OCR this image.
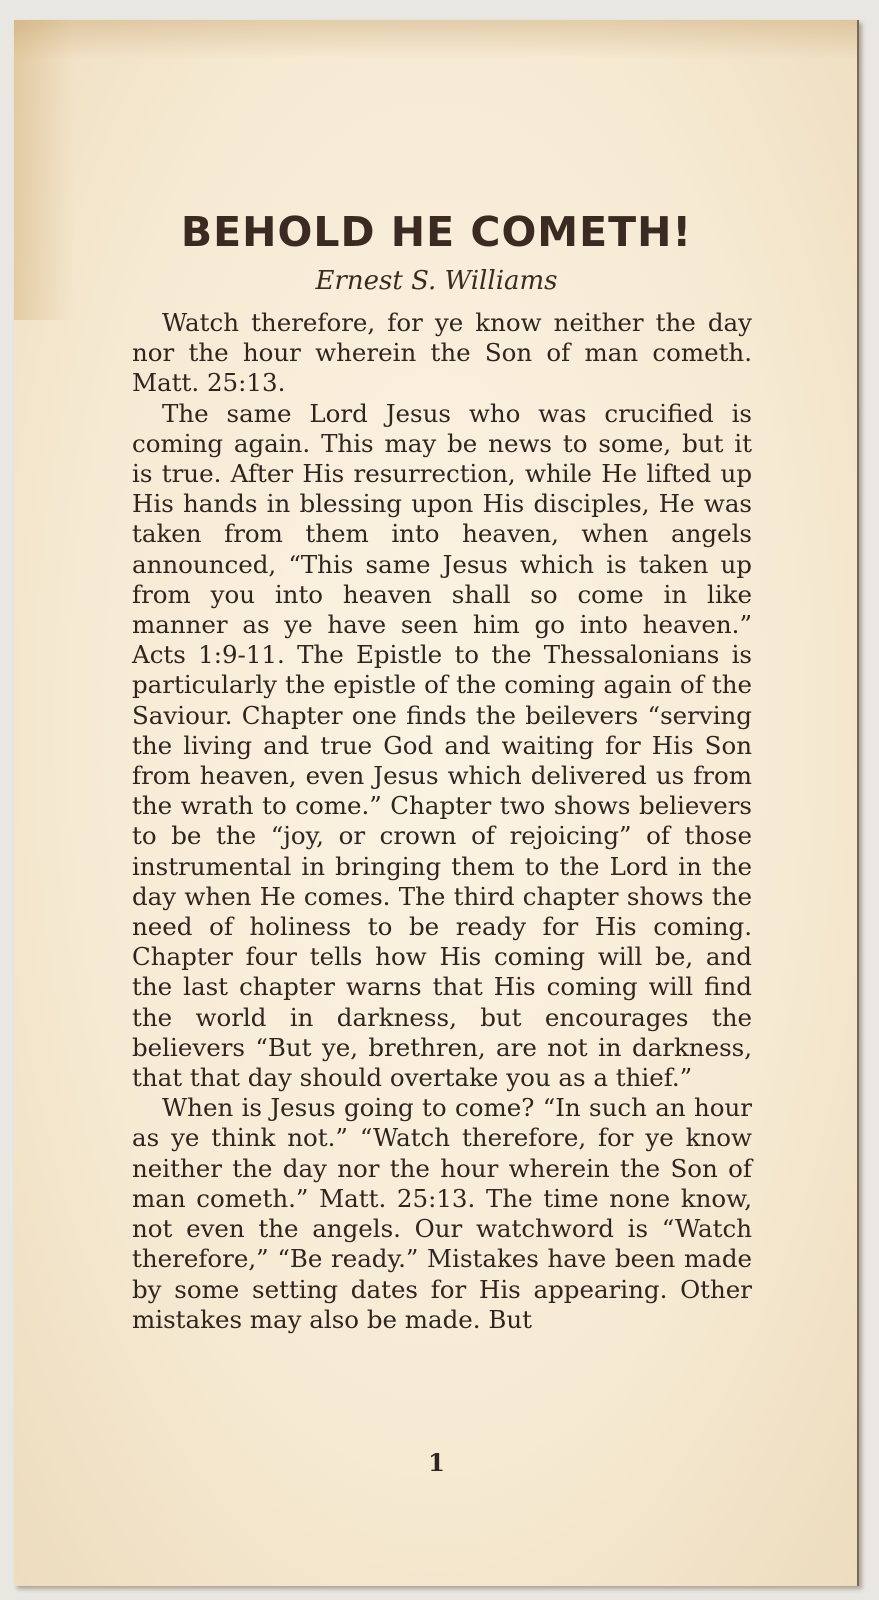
BEHOLD HE COMETH!
Ernest S. Williams

Watch therefore, for ye know neither the day nor the hour wherein the Son of man cometh. Matt. 25:13.

The same Lord Jesus who was crucified is coming again. This may be news to some, but it is true. After His resurrection, while He lifted up His hands in blessing upon His disciples, He was taken from them into heaven, when angels announced, “This same Jesus which is taken up from you into heaven shall so come in like manner as ye have seen him go into heaven.” Acts 1:9-11. The Epistle to the Thessalonians is particularly the epistle of the coming again of the Saviour. Chapter one finds the beilevers “serving the living and true God and waiting for His Son from heaven, even Jesus which delivered us from the wrath to come.” Chapter two shows believers to be the “joy, or crown of rejoicing” of those instrumental in bringing them to the Lord in the day when He comes. The third chapter shows the need of holiness to be ready for His coming. Chapter four tells how His coming will be, and the last chapter warns that His coming will find the world in darkness, but encourages the believers “But ye, brethren, are not in darkness, that that day should overtake you as a thief.”

When is Jesus going to come? “In such an hour as ye think not.” “Watch therefore, for ye know neither the day nor the hour wherein the Son of man cometh.” Matt. 25:13. The time none know, not even the angels. Our watchword is “Watch therefore,” “Be ready.” Mistakes have been made by some setting dates for His appearing. Other mistakes may also be made. But

1
